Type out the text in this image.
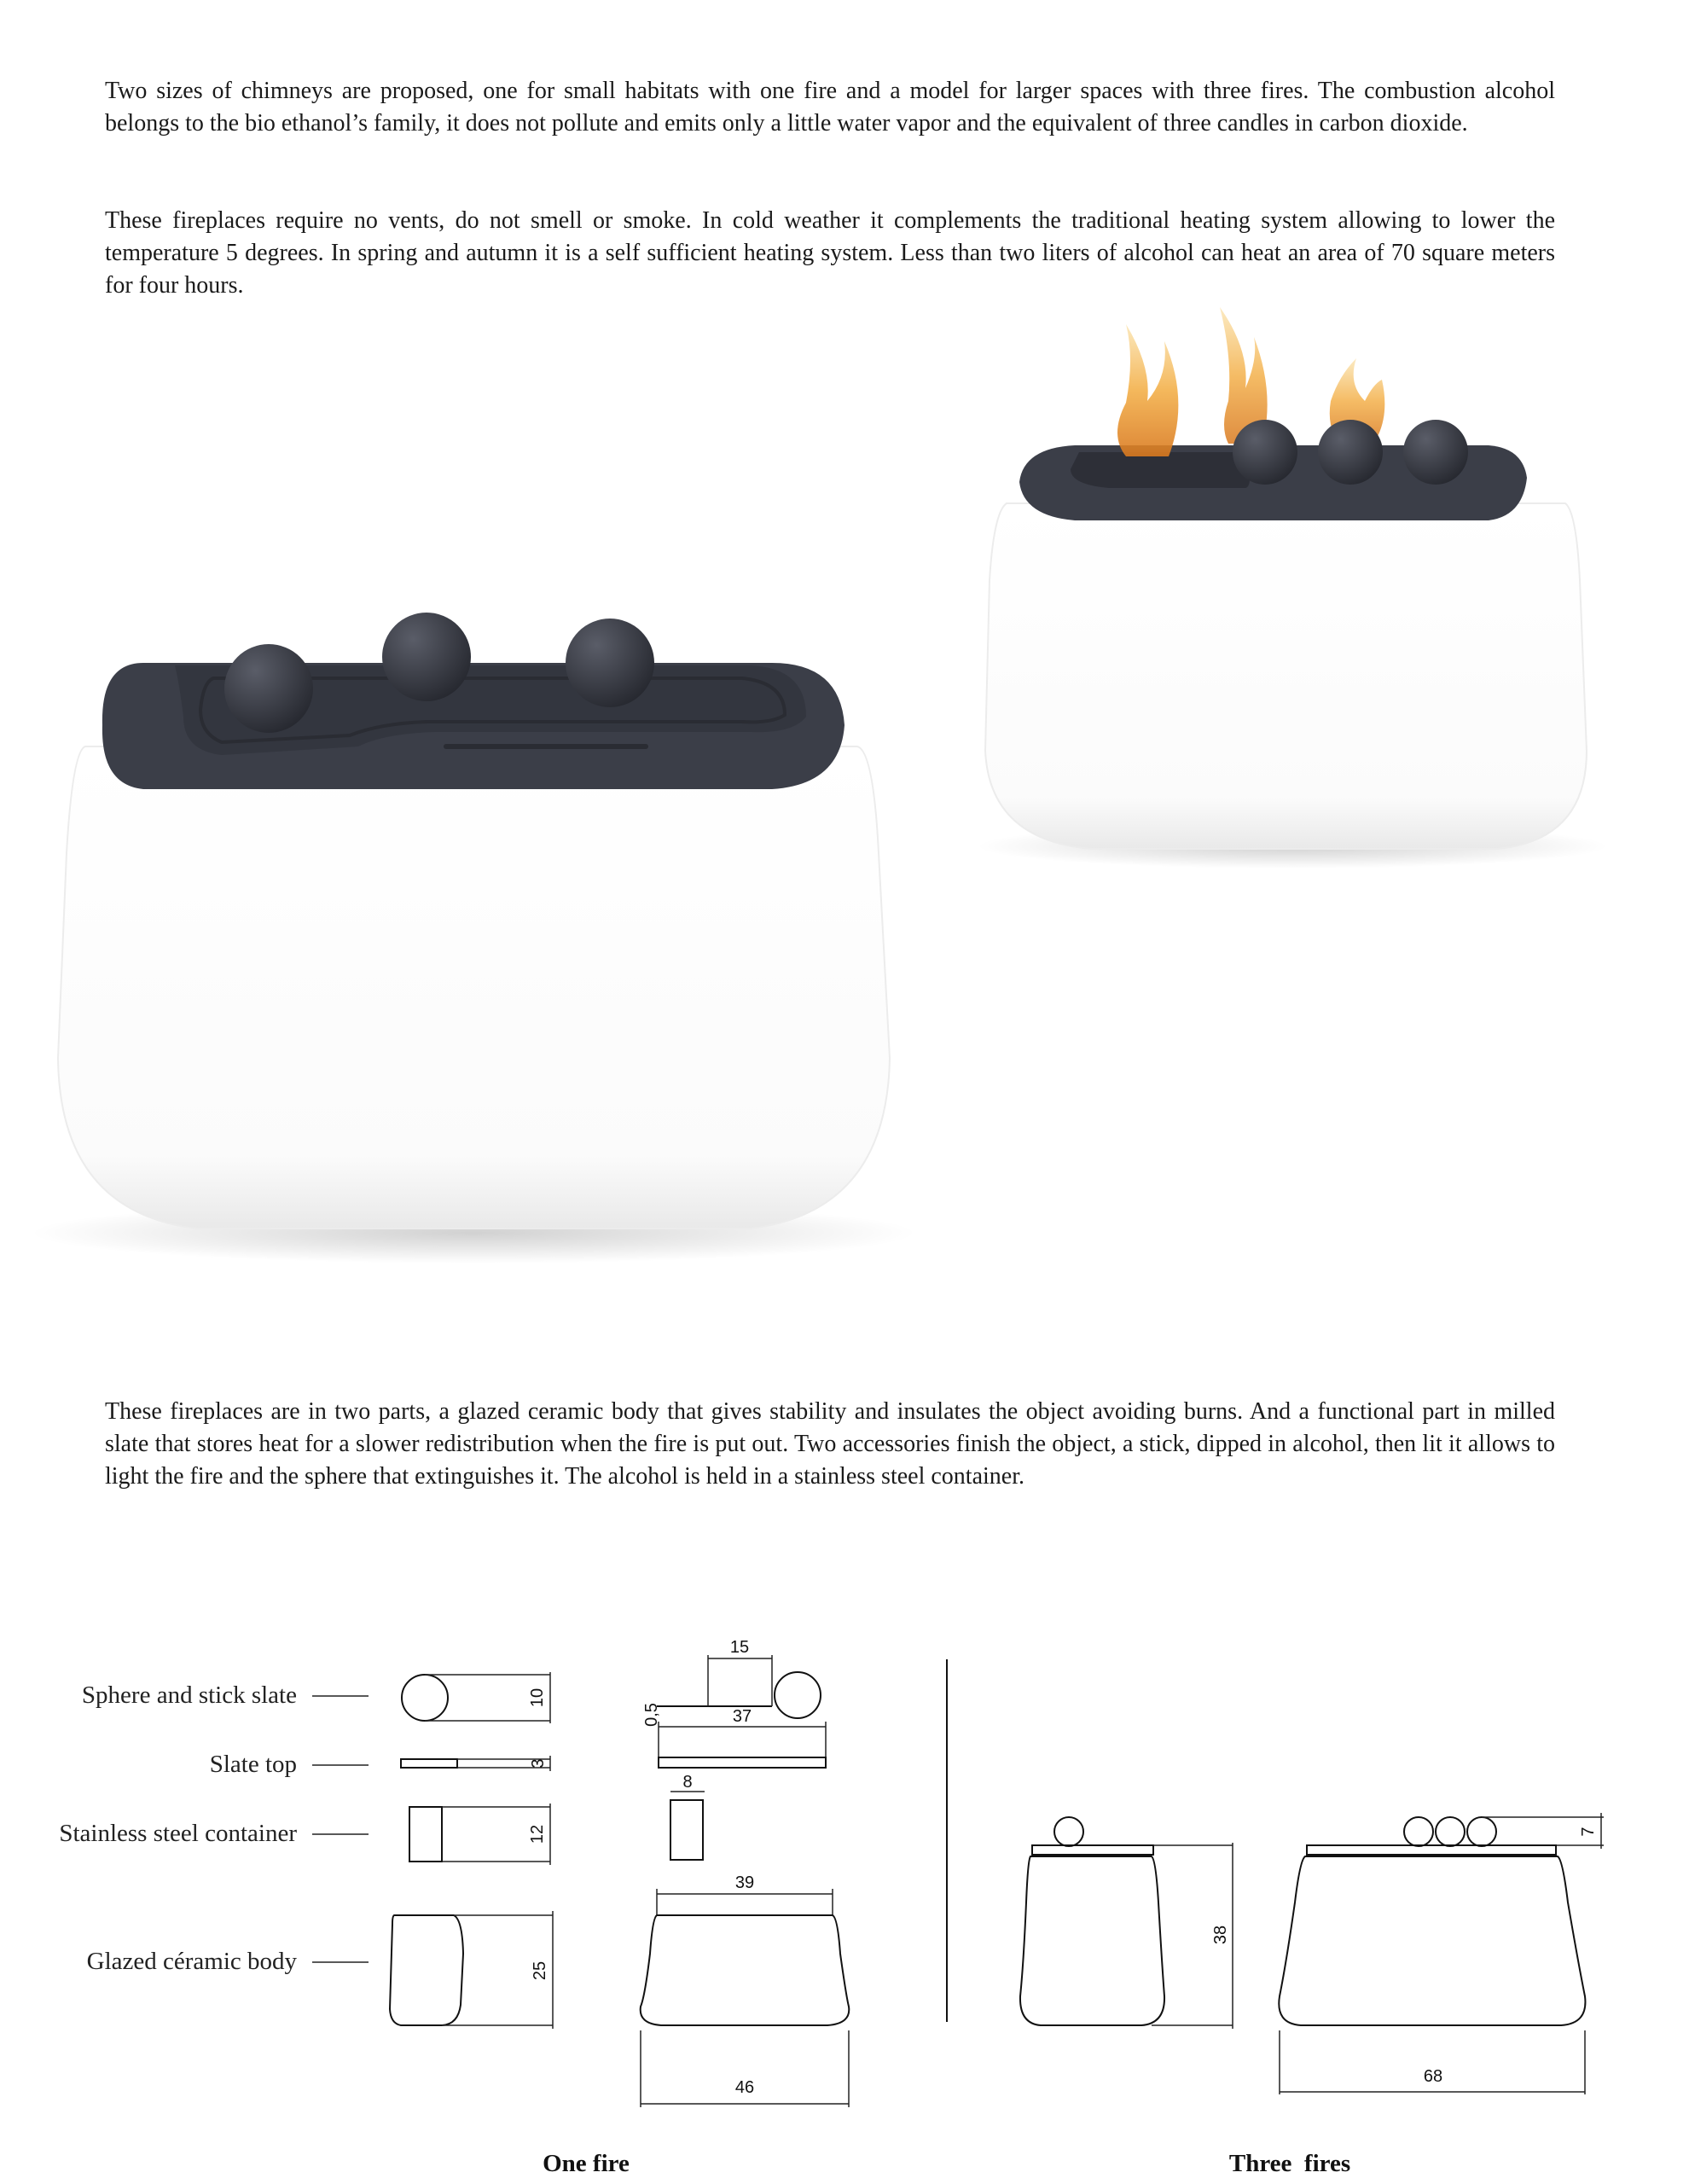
Two sizes of chimneys are proposed, one for small habitats with one fire and a model for larger spaces with three fires. The combustion alcohol belongs to the bio ethanol’s family, it does not pollute and emits only a little water vapor and the equivalent of three candles in carbon dioxide.

These fireplaces require no vents, do not smell or smoke. In cold weather it complements the traditional heating system allowing to lower the temperature 5 degrees. In spring and autumn it is a self sufficient heating system. Less than two liters of alcohol can heat an area of 70 square meters for four hours.

These fireplaces are in two parts, a glazed ceramic body that gives stability and insulates the object avoiding burns. And a functional part in milled slate that stores heat for a slower redistribution when the fire is put out. Two accessories finish the object, a stick, dipped in alcohol, then lit it allows to light the fire and the sphere that extinguishes it. The alcohol is held in a stainless steel container.

Sphere and stick slate
Slate top
Stainless steel container
Glazed céramic body
10
3
12
25
15
0,5	37
8
39
46
38
7
68
One fire	Three  fires
